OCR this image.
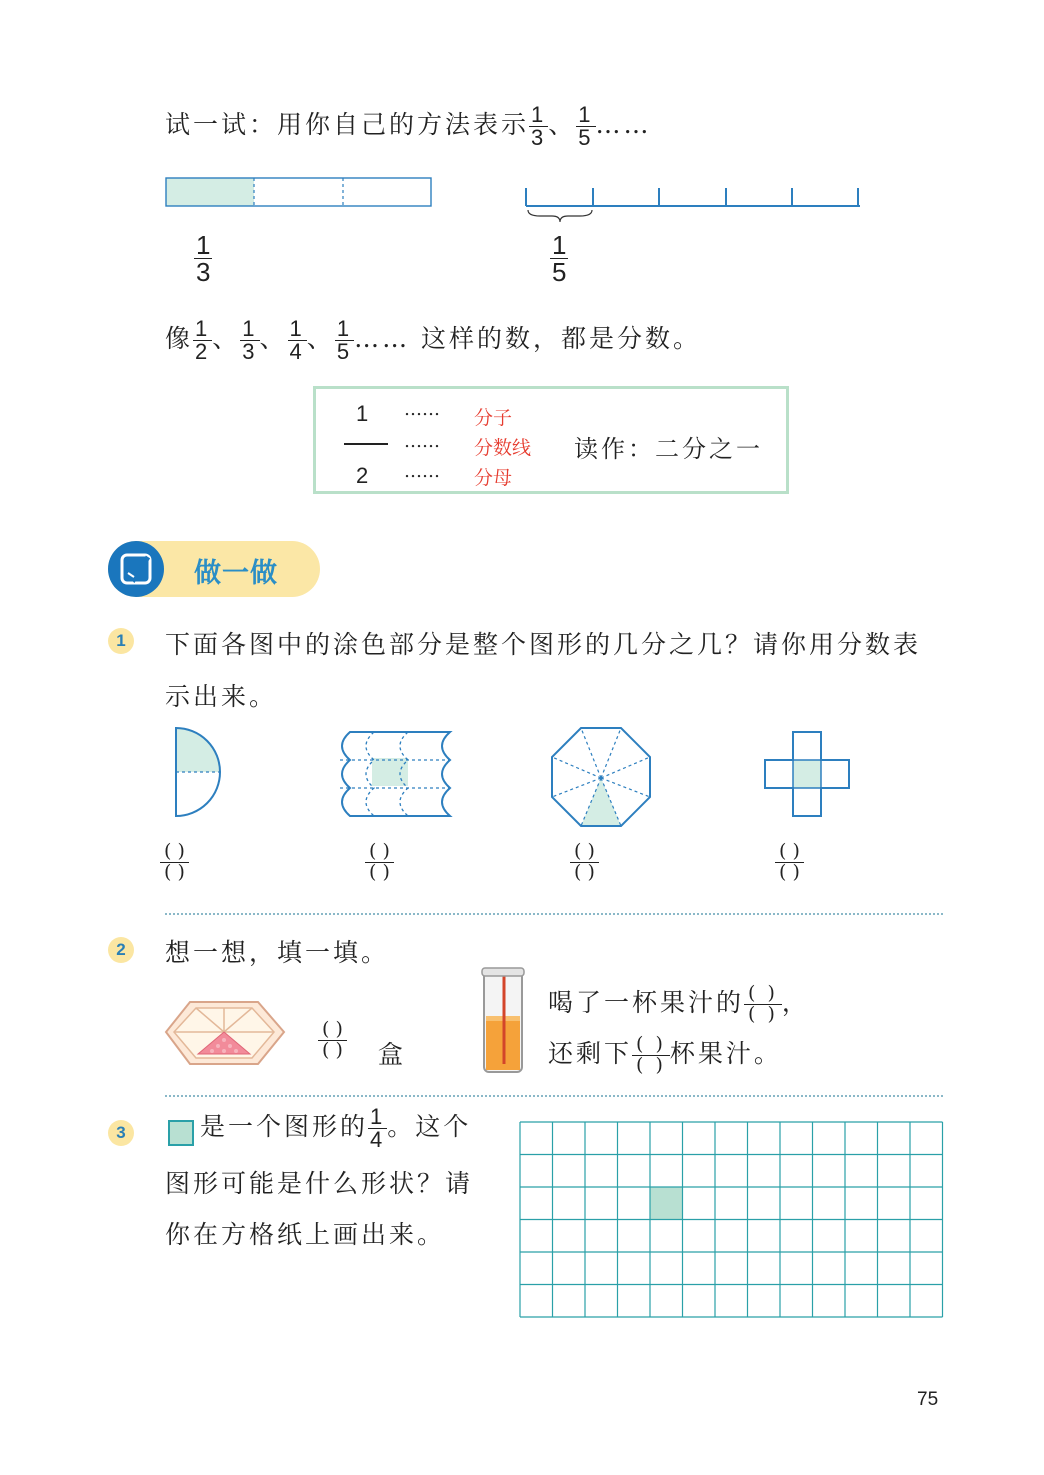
试一试：用你自己的方法表示 $\frac{1}{3}$ 、 $\frac{1}{5}$ ……
$\frac{1}{3}$	$\frac{1}{5}$
像 $\frac{1}{2}$ 、 $\frac{1}{3}$ 、 $\frac{1}{4}$ 、 $\frac{1}{5}$ …… 这样的数，都是分数。
1
2
……
……
……
分子
分数线
分母
读作：二分之一
做一做
1	下面各图中的涂色部分是整个图形的几分之几？请你用分数表
示出来。
( )
( )
( )
( )
( )
( )
( )
( )
2	想一想，填一填。
( )
( ) 盒
喝了一杯果汁的 ( )
( ) ，
还剩下 ( )
( ) 杯果汁。
3	是一个图形的 $\frac{1}{4}$ 。这个
图形可能是什么形状？请
你在方格纸上画出来。
75
